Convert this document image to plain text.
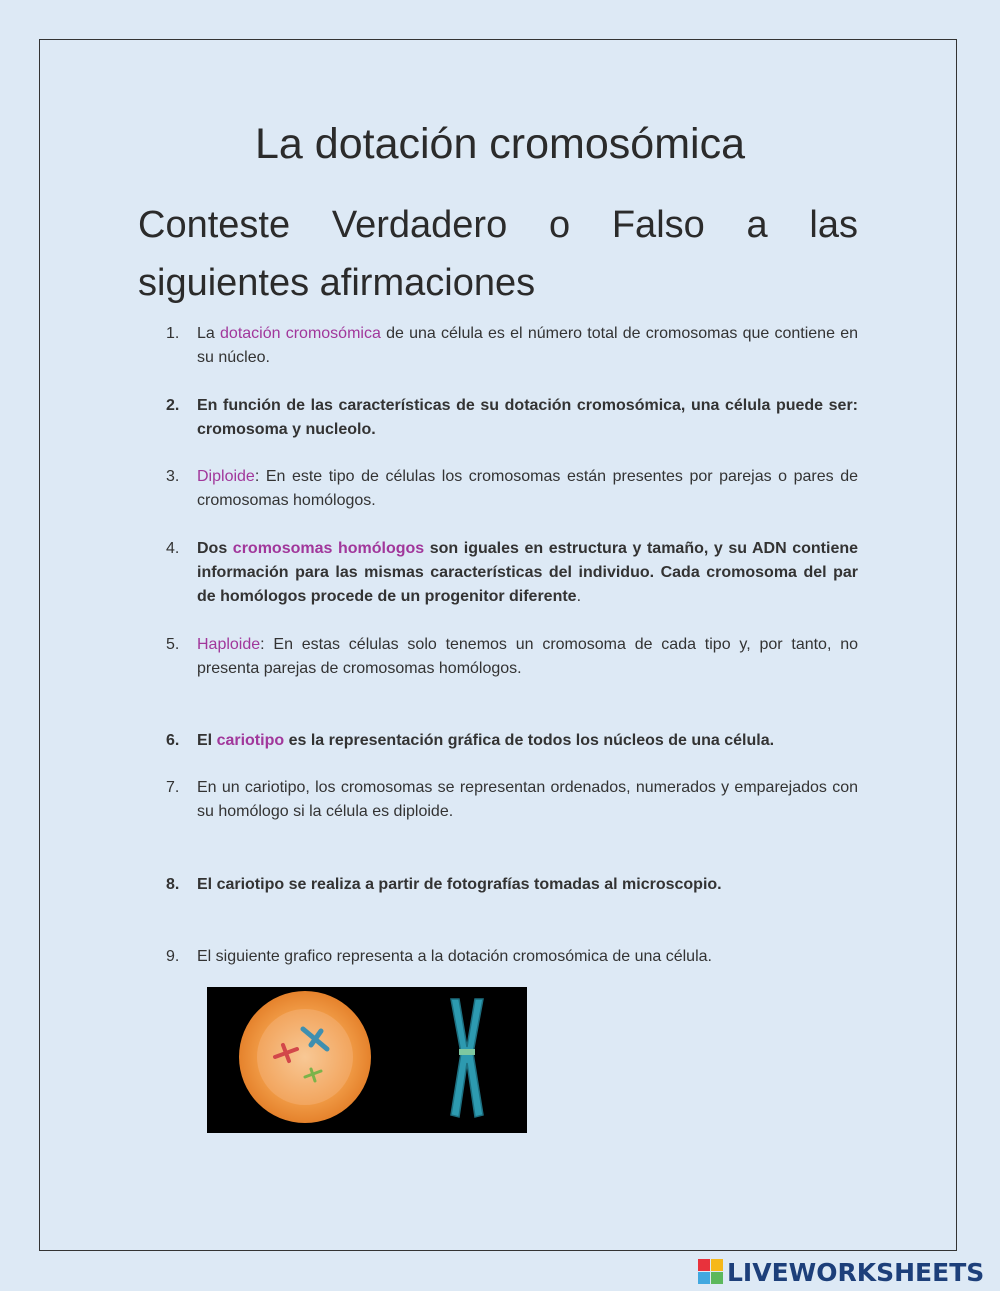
La dotación cromosómica
Conteste Verdadero o Falso a las siguientes afirmaciones
1.	La dotación cromosómica de una célula es el número total de cromosomas que contiene en su núcleo.
2.	En función de las características de su dotación cromosómica, una célula puede ser: cromosoma y nucleolo.
3.	Diploide: En este tipo de células los cromosomas están presentes por parejas o pares de cromosomas homólogos.
4.	Dos cromosomas homólogos son iguales en estructura y tamaño, y su ADN contiene información para las mismas características del individuo. Cada cromosoma del par de homólogos procede de un progenitor diferente.
5.	Haploide: En estas células solo tenemos un cromosoma de cada tipo y, por tanto, no presenta parejas de cromosomas homólogos.
6.	El cariotipo es la representación gráfica de todos los núcleos de una célula.
7.	En un cariotipo, los cromosomas se representan ordenados, numerados y emparejados con su homólogo si la célula es diploide.
8.	El cariotipo se realiza a partir de fotografías tomadas al microscopio.
9.	El siguiente grafico representa a la dotación cromosómica de una célula.
LIVEWORKSHEETS
